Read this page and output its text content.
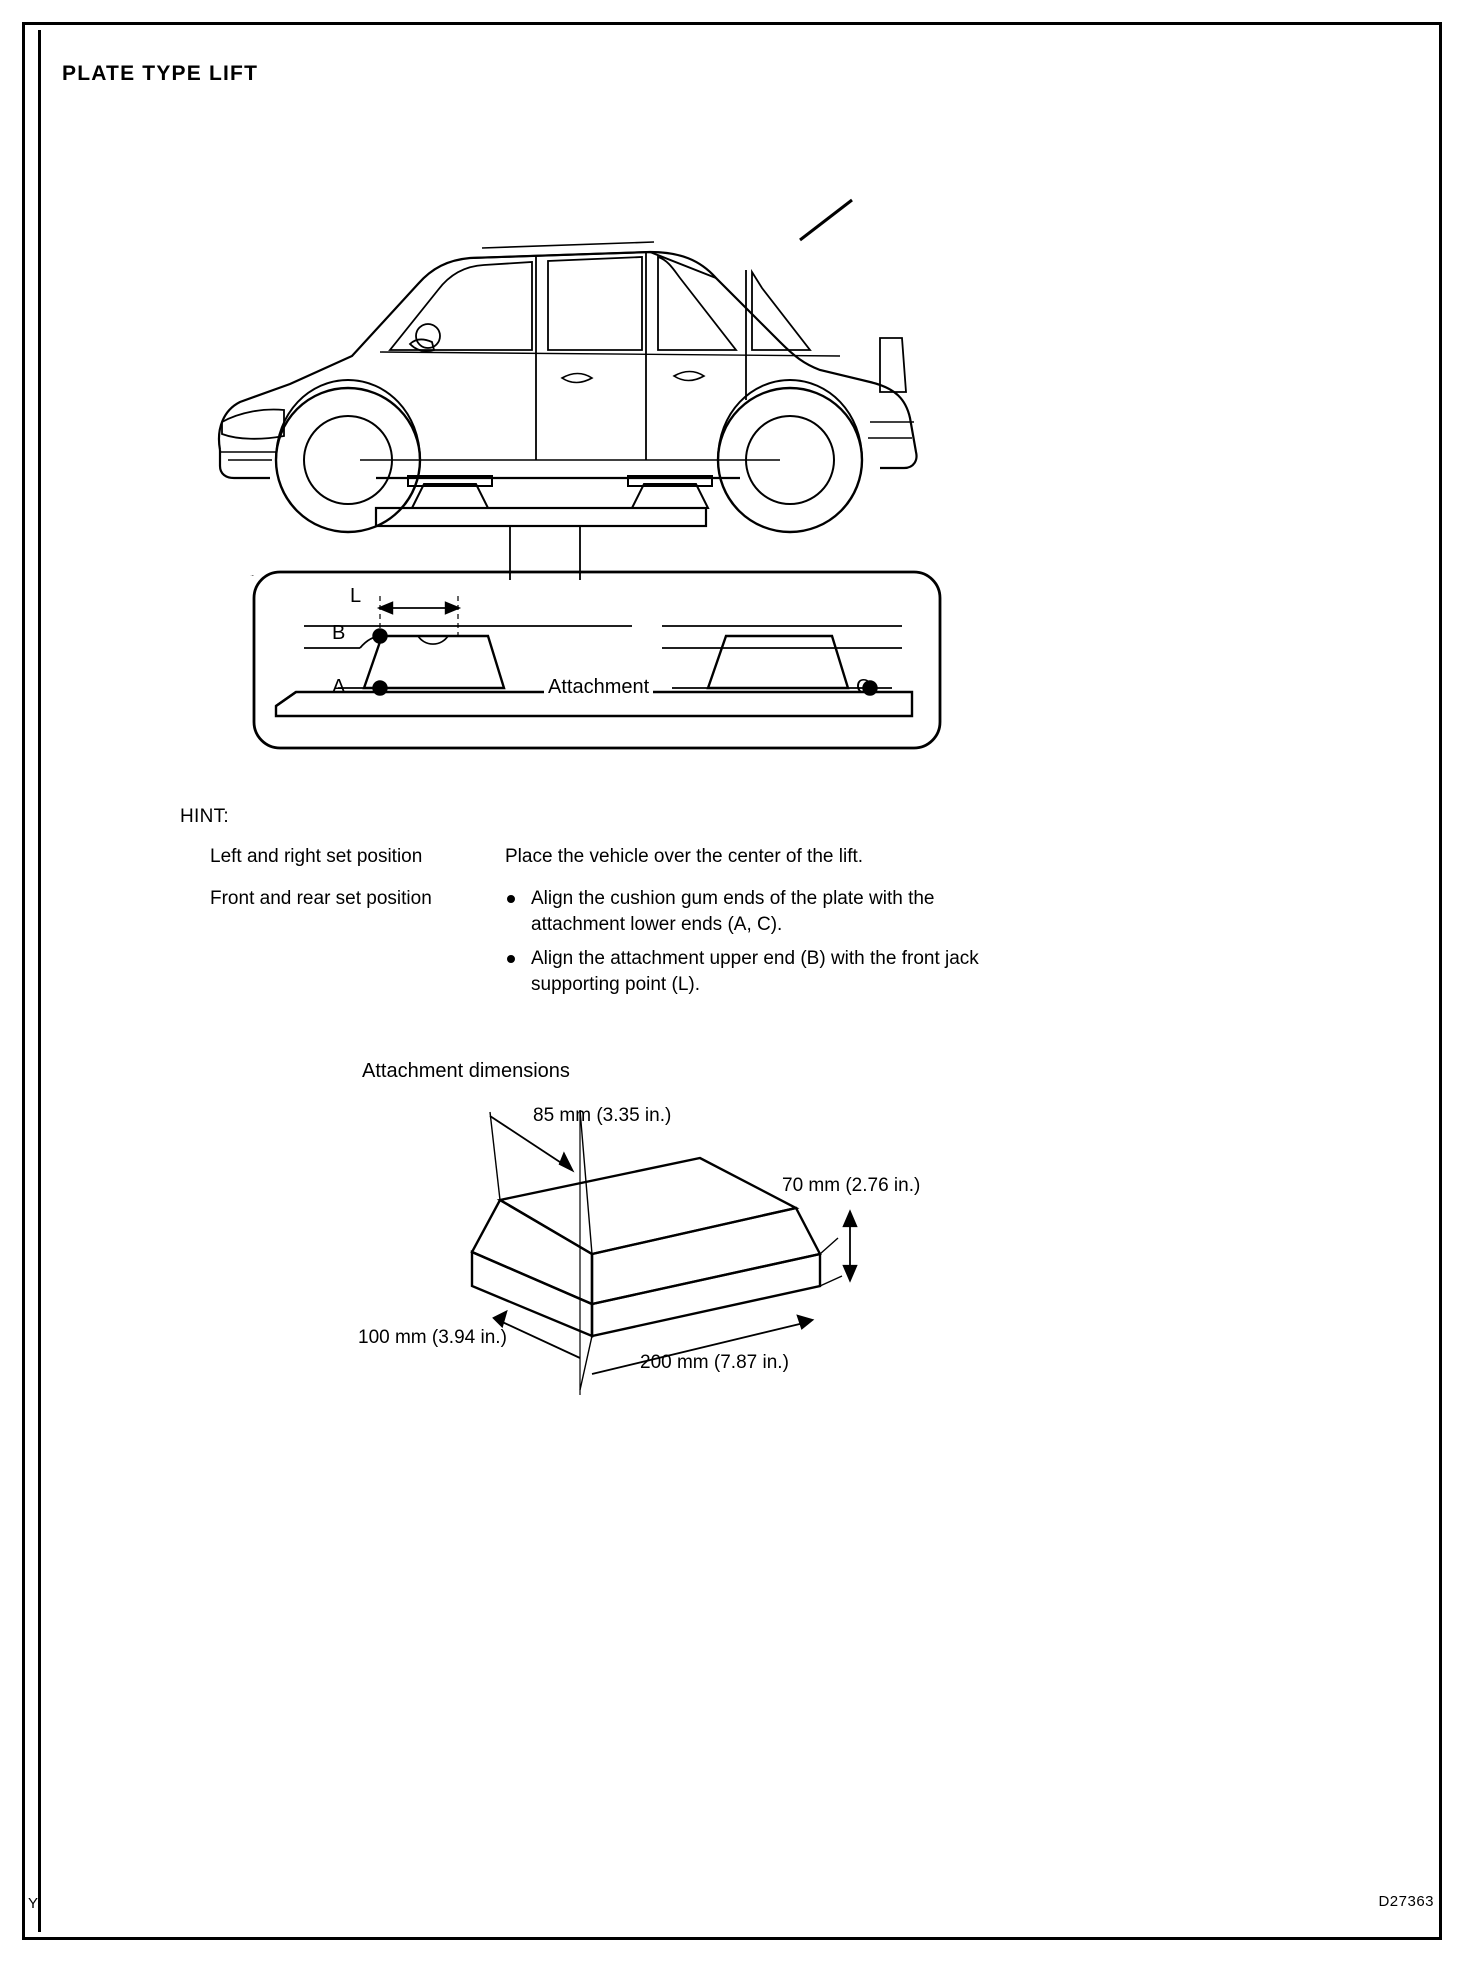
PLATE TYPE LIFT
L
B
A	C
Attachment
HINT:
Left and right set position	Place the vehicle over the center of the lift.
Front and rear set position	Align the cushion gum ends of the plate with the attachment lower ends (A, C).
Align the attachment upper end (B) with the front jack supporting point (L).
Attachment dimensions
85 mm (3.35 in.)
70 mm (2.76 in.)
100 mm (3.94 in.)
200 mm (7.87 in.)
Y	D27363
